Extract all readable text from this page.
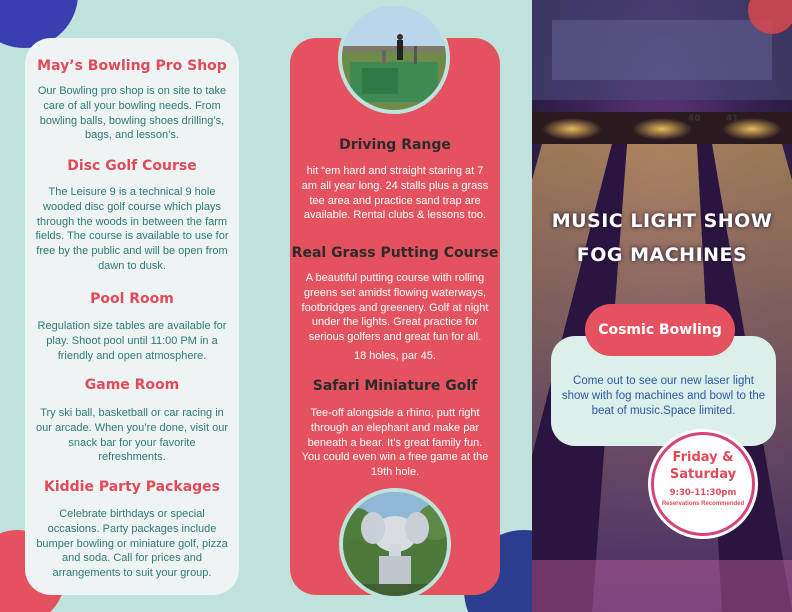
May’s Bowling Pro Shop
Our Bowling pro shop is on site to take care of all your bowling needs. From bowling balls, bowling shoes drilling’s, bags, and lesson’s.
Disc Golf Course
The Leisure 9 is a technical 9 hole wooded disc golf course which plays through the woods in between the farm fields. The course is available to use for free by the public and will be open from dawn to dusk.
Pool Room
Regulation size tables are available for play. Shoot pool until 11:00 PM in a friendly and open atmosphere.
Game Room
Try ski ball, basketball or car racing in our arcade. When you’re done, visit our snack bar for your favorite refreshments.
Kiddie Party Packages
Celebrate birthdays or special occasions. Party packages include bumper bowling or miniature golf, pizza and soda. Call for prices and arrangements to suit your group.
Driving Range
hit “em hard and straight staring at 7 am all year long. 24 stalls plus a grass tee area and practice sand trap are available. Rental clubs & lessons too.
Real Grass Putting Course
A beautiful putting course with rolling greens set amidst flowing waterways, footbridges and greenery. Golf at night under the lights. Great practice for serious golfers and great fun for all.
18 holes, par 45.
Safari Miniature Golf
Tee-off alongside a rhino, putt right through an elephant and make par beneath a bear. It’s great family fun. You could even win a free game at the 19th hole.
40	41
MUSIC LIGHT SHOW
FOG MACHINES
Cosmic Bowling
Come out to see our new laser light show with fog machines and bowl to the beat of music.Space limited.
Friday & Saturday
9:30-11:30pm
Reservations Recommended
